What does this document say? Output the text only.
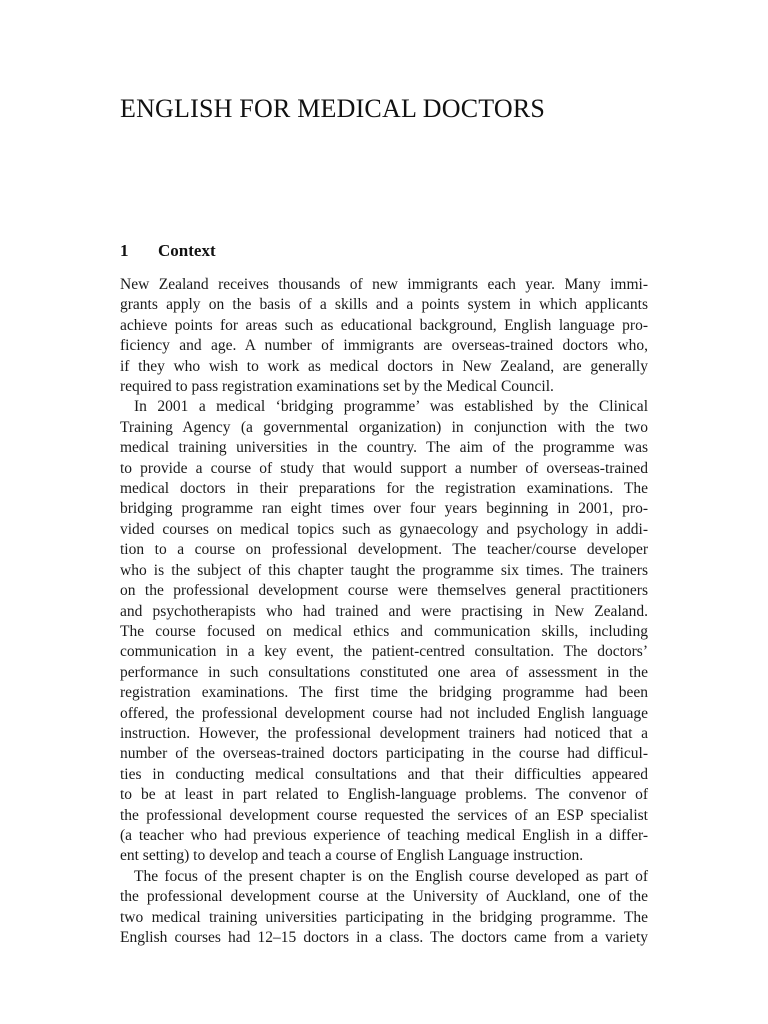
ENGLISH FOR MEDICAL DOCTORS
1 Context

New Zealand receives thousands of new immigrants each year. Many immi-
grants apply on the basis of a skills and a points system in which applicants
achieve points for areas such as educational background, English language pro-
ficiency and age. A number of immigrants are overseas-trained doctors who,
if they who wish to work as medical doctors in New Zealand, are generally
required to pass registration examinations set by the Medical Council.

In 2001 a medical ‘bridging programme’ was established by the Clinical
Training Agency (a governmental organization) in conjunction with the two
medical training universities in the country. The aim of the programme was
to provide a course of study that would support a number of overseas-trained
medical doctors in their preparations for the registration examinations. The
bridging programme ran eight times over four years beginning in 2001, pro-
vided courses on medical topics such as gynaecology and psychology in addi-
tion to a course on professional development. The teacher/course developer
who is the subject of this chapter taught the programme six times. The trainers
on the professional development course were themselves general practitioners
and psychotherapists who had trained and were practising in New Zealand.
The course focused on medical ethics and communication skills, including
communication in a key event, the patient-centred consultation. The doctors’
performance in such consultations constituted one area of assessment in the
registration examinations. The first time the bridging programme had been
offered, the professional development course had not included English language
instruction. However, the professional development trainers had noticed that a
number of the overseas-trained doctors participating in the course had difficul-
ties in conducting medical consultations and that their difficulties appeared
to be at least in part related to English-language problems. The convenor of
the professional development course requested the services of an ESP specialist
(a teacher who had previous experience of teaching medical English in a differ-
ent setting) to develop and teach a course of English Language instruction.

The focus of the present chapter is on the English course developed as part of
the professional development course at the University of Auckland, one of the
two medical training universities participating in the bridging programme. The
English courses had 12–15 doctors in a class. The doctors came from a variety
